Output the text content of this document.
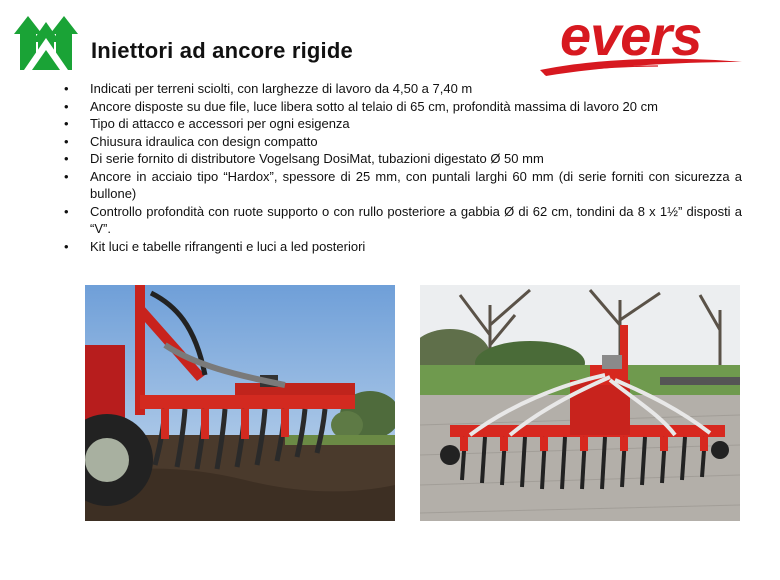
Iniettori ad ancore rigide	evers
• Indicati per terreni sciolti, con larghezze di lavoro da 4,50 a 7,40 m
• Ancore disposte su due file, luce libera sotto al telaio di 65 cm, profondità massima di lavoro 20 cm
• Tipo di attacco e accessori per ogni esigenza
• Chiusura idraulica con design compatto
• Di serie fornito di distributore Vogelsang DosiMat, tubazioni digestato Ø 50 mm
• Ancore in acciaio tipo “Hardox”, spessore di 25 mm, con puntali larghi 60 mm (di serie forniti con sicurezza a bullone)
• Controllo profondità con ruote supporto o con rullo posteriore a gabbia Ø di 62 cm, tondini da 8 x 1½” disposti a “V”.
• Kit luci e tabelle rifrangenti e luci a led posteriori
